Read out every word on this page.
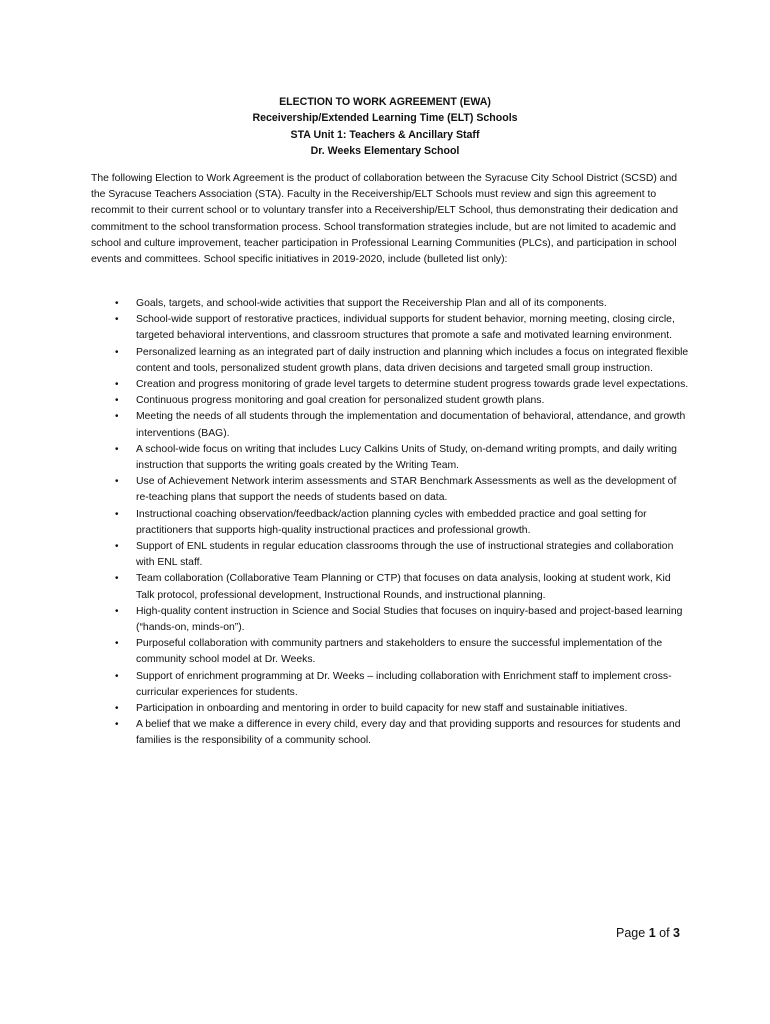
ELECTION TO WORK AGREEMENT (EWA)
Receivership/Extended Learning Time (ELT) Schools
STA Unit 1: Teachers & Ancillary Staff
Dr. Weeks Elementary School

The following Election to Work Agreement is the product of collaboration between the Syracuse City School District (SCSD) and the Syracuse Teachers Association (STA). Faculty in the Receivership/ELT Schools must review and sign this agreement to recommit to their current school or to voluntary transfer into a Receivership/ELT School, thus demonstrating their dedication and commitment to the school transformation process. School transformation strategies include, but are not limited to academic and school and culture improvement, teacher participation in Professional Learning Communities (PLCs), and participation in school events and committees. School specific initiatives in 2019-2020, include (bulleted list only):

• Goals, targets, and school-wide activities that support the Receivership Plan and all of its components.
• School-wide support of restorative practices, individual supports for student behavior, morning meeting, closing circle, targeted behavioral interventions, and classroom structures that promote a safe and motivated learning environment.
• Personalized learning as an integrated part of daily instruction and planning which includes a focus on integrated flexible content and tools, personalized student growth plans, data driven decisions and targeted small group instruction.
• Creation and progress monitoring of grade level targets to determine student progress towards grade level expectations.
• Continuous progress monitoring and goal creation for personalized student growth plans.
• Meeting the needs of all students through the implementation and documentation of behavioral, attendance, and growth interventions (BAG).
• A school-wide focus on writing that includes Lucy Calkins Units of Study, on-demand writing prompts, and daily writing instruction that supports the writing goals created by the Writing Team.
• Use of Achievement Network interim assessments and STAR Benchmark Assessments as well as the development of re-teaching plans that support the needs of students based on data.
• Instructional coaching observation/feedback/action planning cycles with embedded practice and goal setting for practitioners that supports high-quality instructional practices and professional growth.
• Support of ENL students in regular education classrooms through the use of instructional strategies and collaboration with ENL staff.
• Team collaboration (Collaborative Team Planning or CTP) that focuses on data analysis, looking at student work, Kid Talk protocol, professional development, Instructional Rounds, and instructional planning.
• High-quality content instruction in Science and Social Studies that focuses on inquiry-based and project-based learning (“hands-on, minds-on”).
• Purposeful collaboration with community partners and stakeholders to ensure the successful implementation of the community school model at Dr. Weeks.
• Support of enrichment programming at Dr. Weeks – including collaboration with Enrichment staff to implement cross-curricular experiences for students.
• Participation in onboarding and mentoring in order to build capacity for new staff and sustainable initiatives.
• A belief that we make a difference in every child, every day and that providing supports and resources for students and families is the responsibility of a community school.
Page 1 of 3
